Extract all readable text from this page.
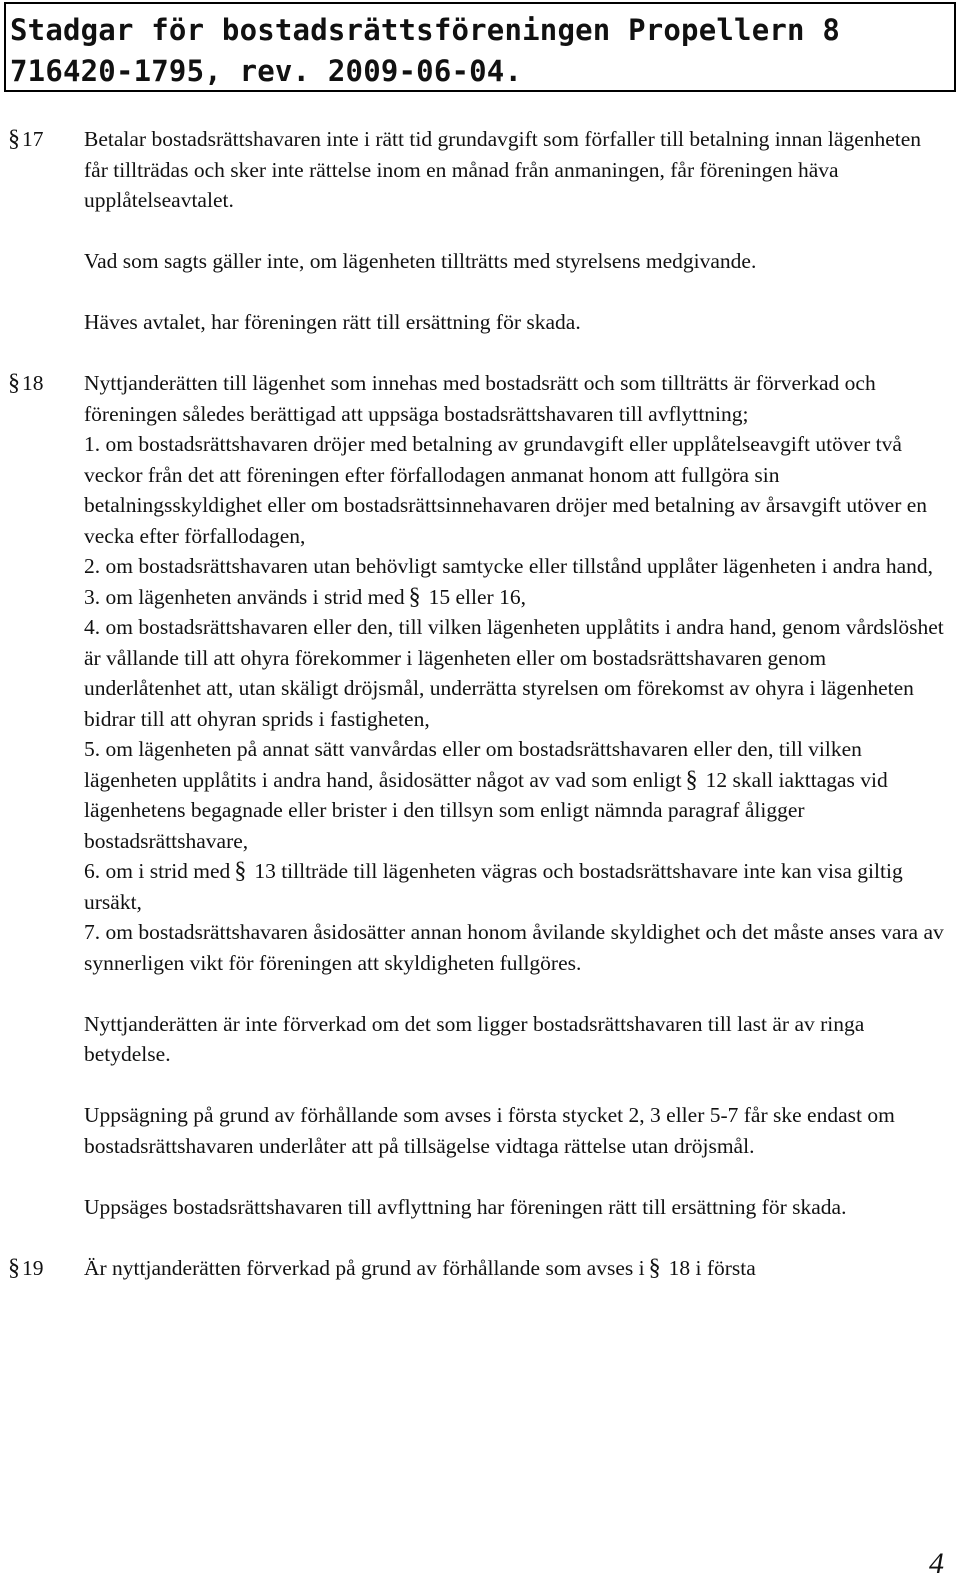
Stadgar för bostadsrättsföreningen Propellern 8
716420-1795, rev. 2009-06-04.
§17 Betalar bostadsrättshavaren inte i rätt tid grundavgift som förfaller till betalning innan lägenheten får tillträdas och sker inte rättelse inom en månad från anmaningen, får föreningen häva upplåtelseavtalet.

Vad som sagts gäller inte, om lägenheten tillträtts med styrelsens medgivande.

Häves avtalet, har föreningen rätt till ersättning för skada.

§18 Nyttjanderätten till lägenhet som innehas med bostadsrätt och som tillträtts är förverkad och föreningen således berättigad att uppsäga bostadsrättshavaren till avflyttning;

1. om bostadsrättshavaren dröjer med betalning av grundavgift eller upplåtelseavgift utöver två veckor från det att föreningen efter förfallodagen anmanat honom att fullgöra sin betalningsskyldighet eller om bostadsrättsinnehavaren dröjer med betalning av årsavgift utöver en vecka efter förfallodagen,

2. om bostadsrättshavaren utan behövligt samtycke eller tillstånd upplåter lägenheten i andra hand,

3. om lägenheten används i strid med § 15 eller 16,

4. om bostadsrättshavaren eller den, till vilken lägenheten upplåtits i andra hand, genom vårdslöshet är vållande till att ohyra förekommer i lägenheten eller om bostadsrättshavaren genom underlåtenhet att, utan skäligt dröjsmål, underrätta styrelsen om förekomst av ohyra i lägenheten bidrar till att ohyran sprids i fastigheten,

5. om lägenheten på annat sätt vanvårdas eller om bostadsrättshavaren eller den, till vilken lägenheten upplåtits i andra hand, åsidosätter något av vad som enligt § 12 skall iakttagas vid lägenhetens begagnade eller brister i den tillsyn som enligt nämnda paragraf åligger bostadsrättshavare,

6. om i strid med § 13 tillträde till lägenheten vägras och bostadsrättshavare inte kan visa giltig ursäkt,

7. om bostadsrättshavaren åsidosätter annan honom åvilande skyldighet och det måste anses vara av synnerligen vikt för föreningen att skyldigheten fullgöres.

Nyttjanderätten är inte förverkad om det som ligger bostadsrättshavaren till last är av ringa betydelse.

Uppsägning på grund av förhållande som avses i första stycket 2, 3 eller 5-7 får ske endast om bostadsrättshavaren underlåter att på tillsägelse vidtaga rättelse utan dröjsmål.

Uppsäges bostadsrättshavaren till avflyttning har föreningen rätt till ersättning för skada.

§19 Är nyttjanderätten förverkad på grund av förhållande som avses i § 18 i första

4
